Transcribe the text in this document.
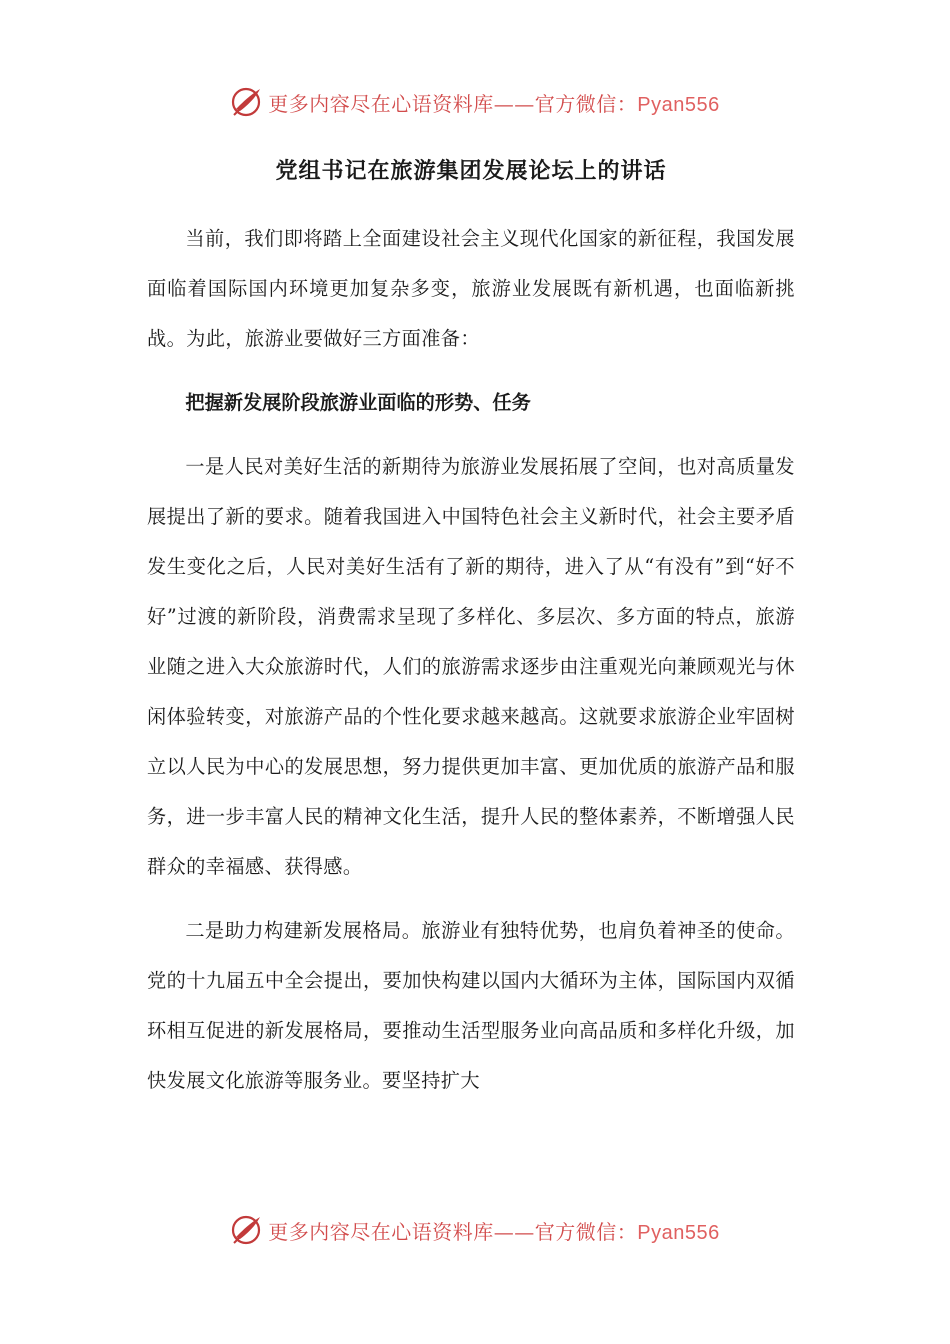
更多内容尽在心语资料库——官方微信：Pyan556
党组书记在旅游集团发展论坛上的讲话

当前，我们即将踏上全面建设社会主义现代化国家的新征程，我国发展面临着国际国内环境更加复杂多变，旅游业发展既有新机遇，也面临新挑战。为此，旅游业要做好三方面准备：

把握新发展阶段旅游业面临的形势、任务

一是人民对美好生活的新期待为旅游业发展拓展了空间，也对高质量发展提出了新的要求。随着我国进入中国特色社会主义新时代，社会主要矛盾发生变化之后，人民对美好生活有了新的期待，进入了从“有没有”到“好不好”过渡的新阶段，消费需求呈现了多样化、多层次、多方面的特点，旅游业随之进入大众旅游时代，人们的旅游需求逐步由注重观光向兼顾观光与休闲体验转变，对旅游产品的个性化要求越来越高。这就要求旅游企业牢固树立以人民为中心的发展思想，努力提供更加丰富、更加优质的旅游产品和服务，进一步丰富人民的精神文化生活，提升人民的整体素养，不断增强人民群众的幸福感、获得感。

二是助力构建新发展格局。旅游业有独特优势，也肩负着神圣的使命。党的十九届五中全会提出，要加快构建以国内大循环为主体，国际国内双循环相互促进的新发展格局，要推动生活型服务业向高品质和多样化升级，加快发展文化旅游等服务业。要坚持扩大

更多内容尽在心语资料库——官方微信：Pyan556
